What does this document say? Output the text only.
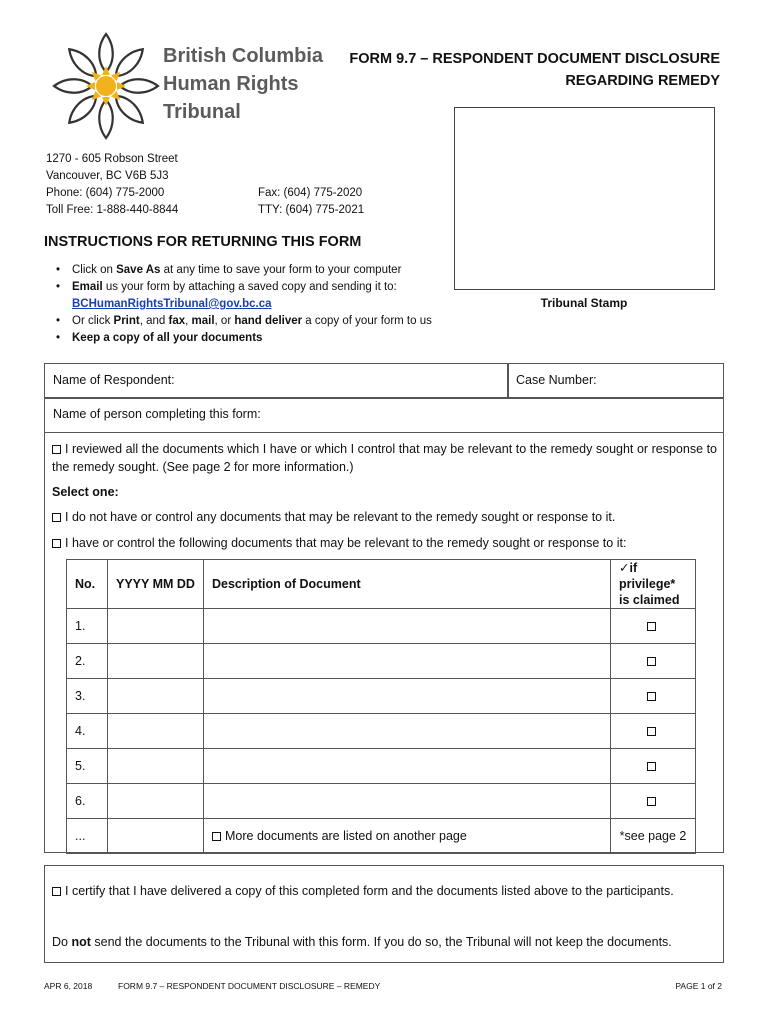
British Columbia
Human Rights
Tribunal
FORM 9.7 – RESPONDENT DOCUMENT DISCLOSURE
REGARDING REMEDY
1270 - 605 Robson Street
Vancouver, BC V6B 5J3
Phone: (604) 775-2000
Toll Free: 1-888-440-8844
Fax: (604) 775-2020
TTY: (604) 775-2021
Tribunal Stamp
INSTRUCTIONS FOR RETURNING THIS FORM
• Click on Save As at any time to save your form to your computer
• Email us your form by attaching a saved copy and sending it to:
BCHumanRightsTribunal@gov.bc.ca
• Or click Print, and fax, mail, or hand deliver a copy of your form to us
• Keep a copy of all your documents
Name of Respondent:	Case Number:
Name of person completing this form:
I reviewed all the documents which I have or which I control that may be relevant to the remedy sought or response to the remedy sought. (See page 2 for more information.)
Select one:
I do not have or control any documents that may be relevant to the remedy sought or response to it.
I have or control the following documents that may be relevant to the remedy sought or response to it:
No.	YYYY MM DD	Description of Document	✓if privilege*
is claimed

1.			
2.			
3.			
4.			
5.			
6.			
...		More documents are listed on another page	*see page 2
I certify that I have delivered a copy of this completed form and the documents listed above to the participants.
Do not send the documents to the Tribunal with this form. If you do so, the Tribunal will not keep the documents.
APR 6, 2018	FORM 9.7 – RESPONDENT DOCUMENT DISCLOSURE – REMEDY	PAGE 1 of 2
